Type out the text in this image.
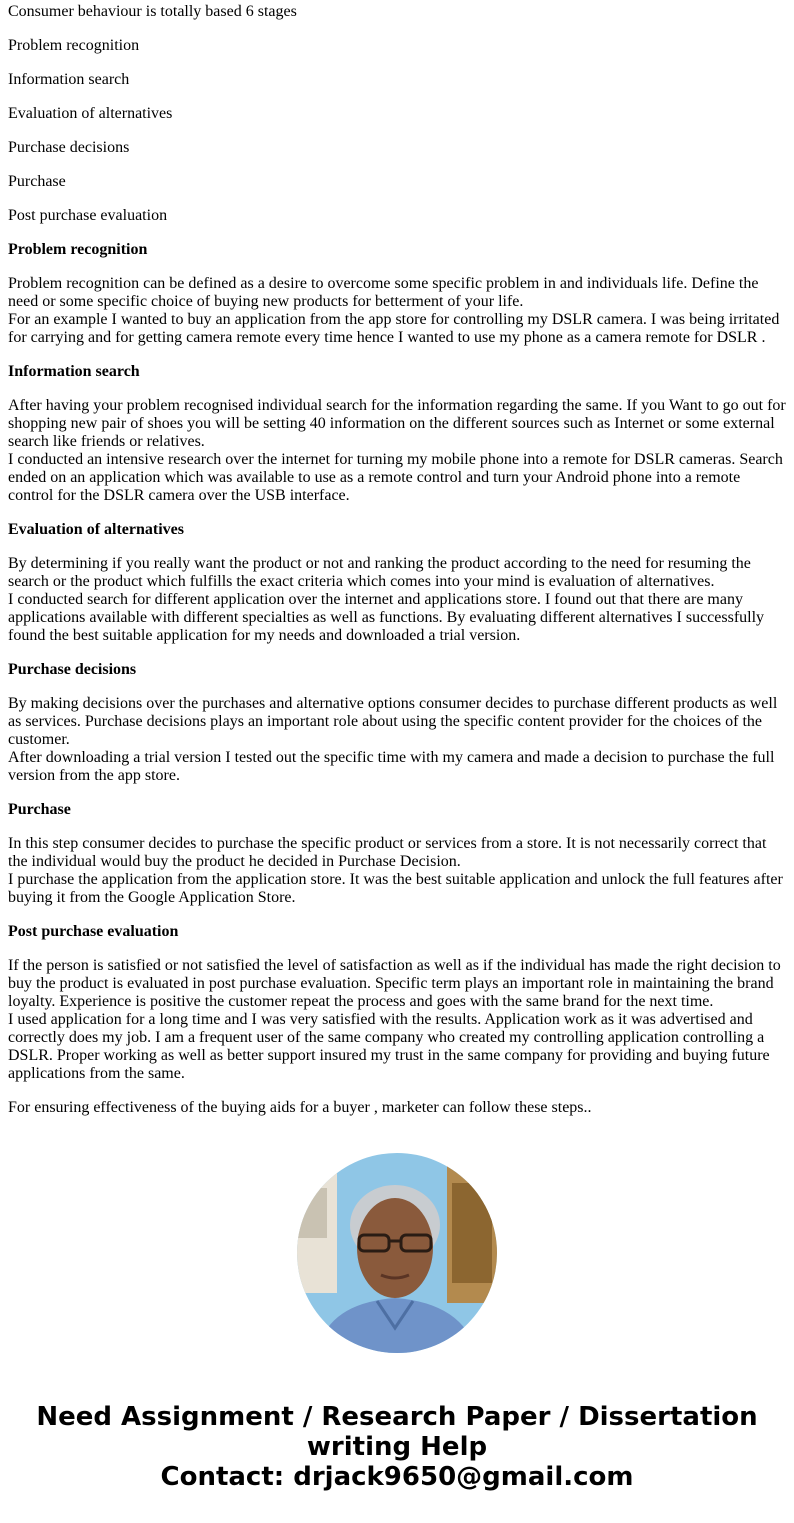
Consumer behaviour is totally based 6 stages

Problem recognition

Information search

Evaluation of alternatives

Purchase decisions

Purchase

Post purchase evaluation

Problem recognition

Problem recognition can be defined as a desire to overcome some specific problem in and individuals life. Define the need or some specific choice of buying new products for betterment of your life.
For an example I wanted to buy an application from the app store for controlling my DSLR camera. I was being irritated for carrying and for getting camera remote every time hence I wanted to use my phone as a camera remote for DSLR .

Information search

After having your problem recognised individual search for the information regarding the same. If you Want to go out for shopping new pair of shoes you will be setting 40 information on the different sources such as Internet or some external search like friends or relatives.
I conducted an intensive research over the internet for turning my mobile phone into a remote for DSLR cameras. Search ended on an application which was available to use as a remote control and turn your Android phone into a remote control for the DSLR camera over the USB interface.

Evaluation of alternatives

By determining if you really want the product or not and ranking the product according to the need for resuming the search or the product which fulfills the exact criteria which comes into your mind is evaluation of alternatives.
I conducted search for different application over the internet and applications store. I found out that there are many applications available with different specialties as well as functions. By evaluating different alternatives I successfully found the best suitable application for my needs and downloaded a trial version.

Purchase decisions

By making decisions over the purchases and alternative options consumer decides to purchase different products as well as services. Purchase decisions plays an important role about using the specific content provider for the choices of the customer.
After downloading a trial version I tested out the specific time with my camera and made a decision to purchase the full version from the app store.

Purchase

In this step consumer decides to purchase the specific product or services from a store. It is not necessarily correct that the individual would buy the product he decided in Purchase Decision.
I purchase the application from the application store. It was the best suitable application and unlock the full features after buying it from the Google Application Store.

Post purchase evaluation

If the person is satisfied or not satisfied the level of satisfaction as well as if the individual has made the right decision to buy the product is evaluated in post purchase evaluation. Specific term plays an important role in maintaining the brand loyalty. Experience is positive the customer repeat the process and goes with the same brand for the next time.
I used application for a long time and I was very satisfied with the results. Application work as it was advertised and correctly does my job. I am a frequent user of the same company who created my controlling application controlling a DSLR. Proper working as well as better support insured my trust in the same company for providing and buying future applications from the same.

For ensuring effectiveness of the buying aids for a buyer , marketer can follow these steps..

Need Assignment / Research Paper / Dissertation
writing Help
Contact: drjack9650@gmail.com
